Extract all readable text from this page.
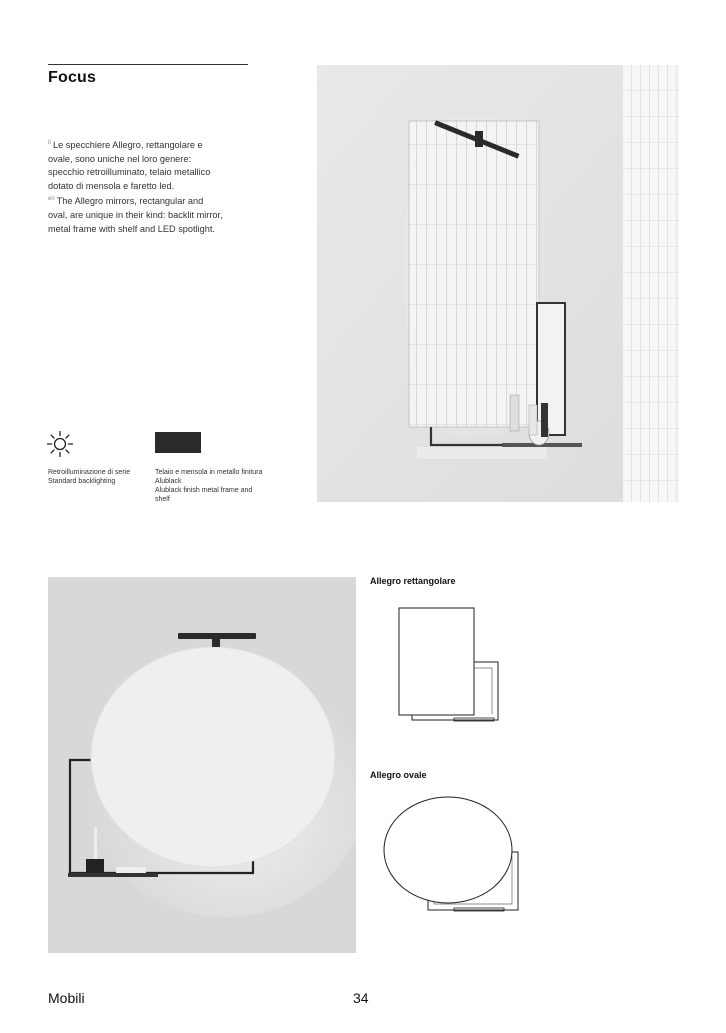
Focus
$^{it}$ Le specchiere Allegro, rettangolare e ovale, sono uniche nel loro genere: specchio retroilluminato, telaio metallico dotato di mensola e faretto led.
$^{en}$ The Allegro mirrors, rectangular and oval, are unique in their kind: backlit mirror, metal frame with shelf and LED spotlight.
Retroilluminazione di serie
Standard backlighting
Telaio e mensola in metallo finitura Alublack
Alublack finish metal frame and shelf
Allegro rettangolare
Allegro ovale
Mobili	34
